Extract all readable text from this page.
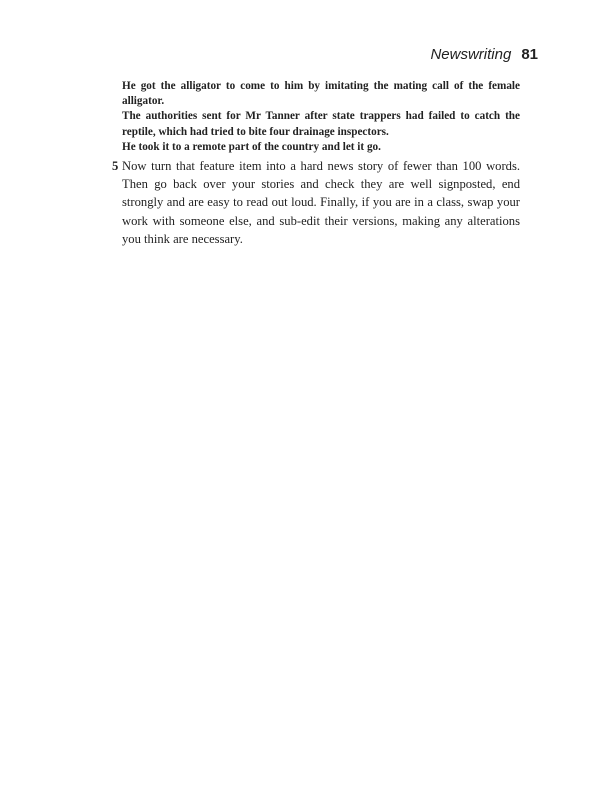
Newswriting 81

He got the alligator to come to him by imitating the mating call of the female alligator.

The authorities sent for Mr Tanner after state trappers had failed to catch the reptile, which had tried to bite four drainage inspectors.

He took it to a remote part of the country and let it go.

5 Now turn that feature item into a hard news story of fewer than 100 words. Then go back over your stories and check they are well signposted, end strongly and are easy to read out loud. Finally, if you are in a class, swap your work with someone else, and sub-edit their versions, making any alterations you think are necessary.
